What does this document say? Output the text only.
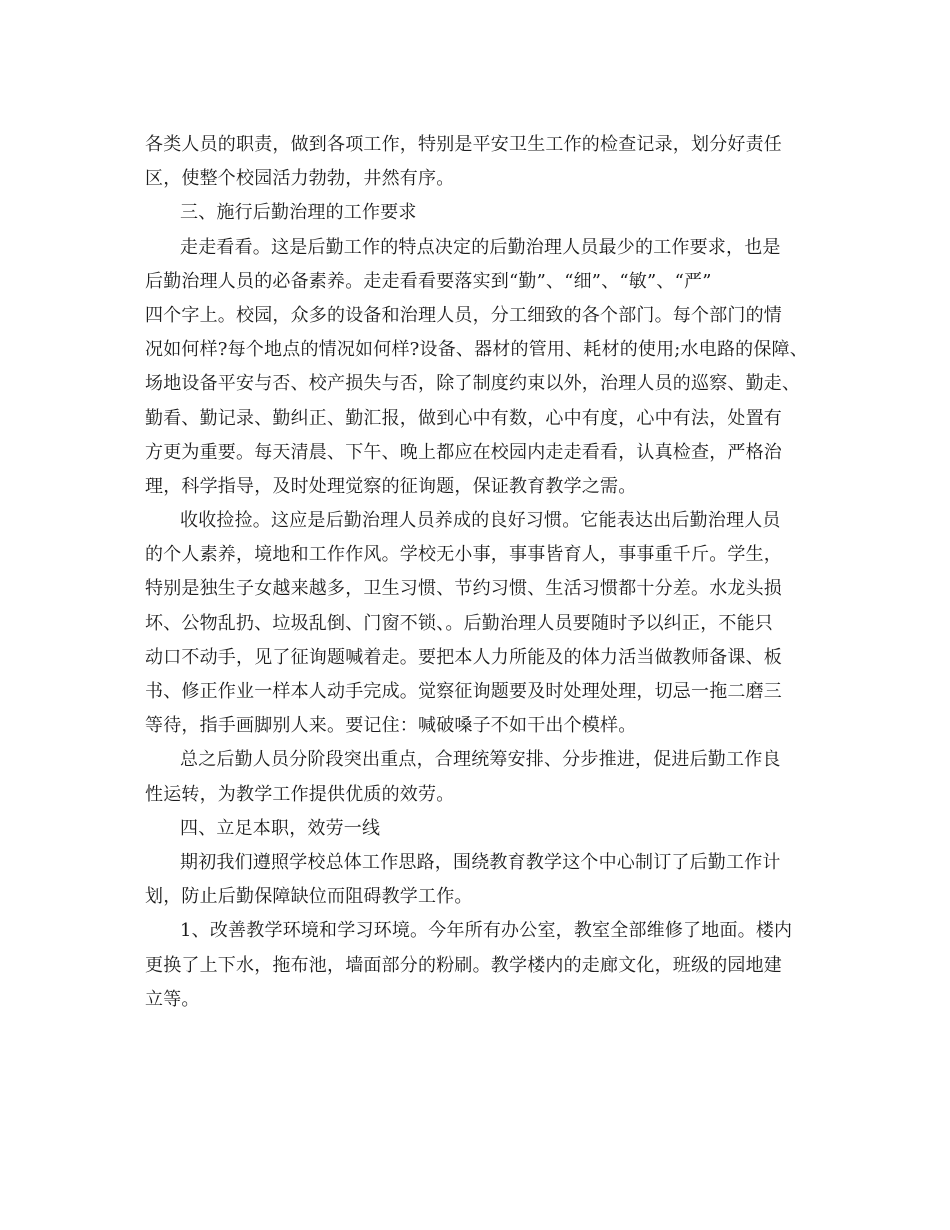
各类人员的职责，做到各项工作，特别是平安卫生工作的检查记录，划分好责任
区，使整个校园活力勃勃，井然有序。
三、施行后勤治理的工作要求
走走看看。这是后勤工作的特点决定的后勤治理人员最少的工作要求，也是
后勤治理人员的必备素养。走走看看要落实到“勤”、“细”、“敏”、“严”
四个字上。校园，众多的设备和治理人员，分工细致的各个部门。每个部门的情
况如何样?每个地点的情况如何样?设备、器材的管用、耗材的使用;水电路的保障、
场地设备平安与否、校产损失与否，除了制度约束以外，治理人员的巡察、勤走、
勤看、勤记录、勤纠正、勤汇报，做到心中有数，心中有度，心中有法，处置有
方更为重要。每天清晨、下午、晚上都应在校园内走走看看，认真检查，严格治
理，科学指导，及时处理觉察的征询题，保证教育教学之需。
收收捡捡。这应是后勤治理人员养成的良好习惯。它能表达出后勤治理人员
的个人素养，境地和工作作风。学校无小事，事事皆育人，事事重千斤。学生，
特别是独生子女越来越多，卫生习惯、节约习惯、生活习惯都十分差。水龙头损
坏、公物乱扔、垃圾乱倒、门窗不锁、。后勤治理人员要随时予以纠正，不能只
动口不动手，见了征询题喊着走。要把本人力所能及的体力活当做教师备课、板
书、修正作业一样本人动手完成。觉察征询题要及时处理处理，切忌一拖二磨三
等待，指手画脚别人来。要记住：喊破嗓子不如干出个模样。
总之后勤人员分阶段突出重点，合理统筹安排、分步推进，促进后勤工作良
性运转，为教学工作提供优质的效劳。
四、立足本职，效劳一线
期初我们遵照学校总体工作思路，围绕教育教学这个中心制订了后勤工作计
划，防止后勤保障缺位而阻碍教学工作。
1、改善教学环境和学习环境。今年所有办公室，教室全部维修了地面。楼内
更换了上下水，拖布池，墙面部分的粉刷。教学楼内的走廊文化，班级的园地建
立等。
